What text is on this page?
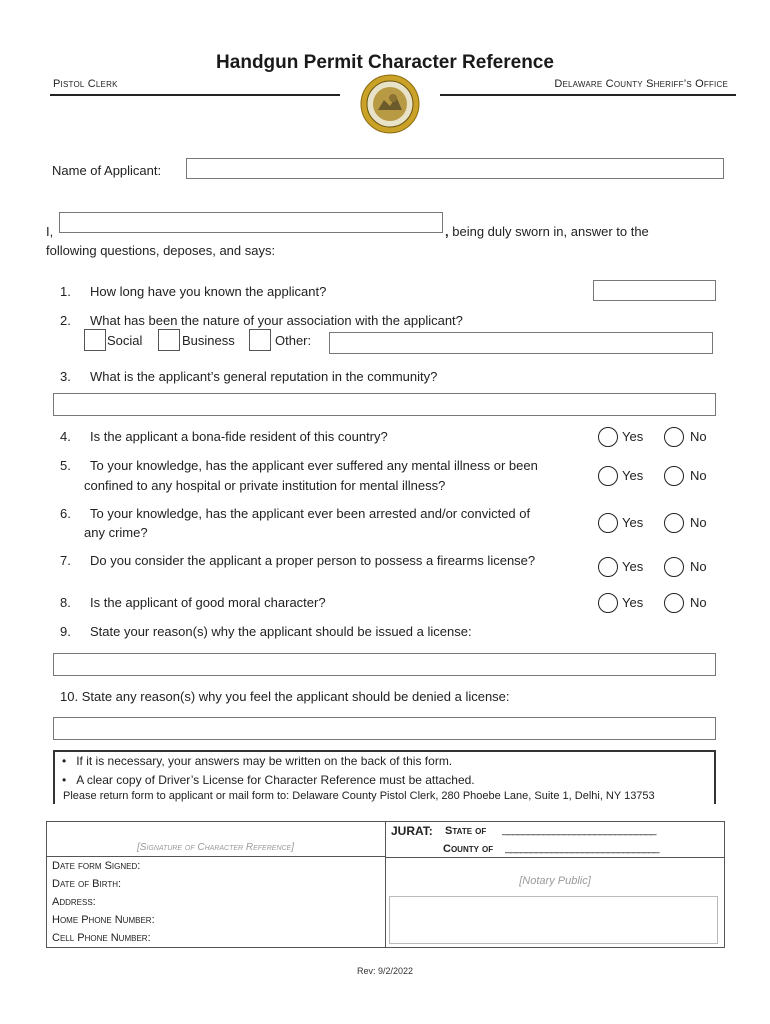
Handgun Permit Character Reference
Pistol Clerk	Delaware County Sheriff’s Office
Name of Applicant:
I,	, being duly sworn in, answer to the
following questions, deposes, and says:
1. How long have you known the applicant?
2. What has been the nature of your association with the applicant?
Social	Business	Other:
3. What is the applicant’s general reputation in the community?
4. Is the applicant a bona-fide resident of this country?	Yes	No
5. To your knowledge, has the applicant ever suffered any mental illness or been
confined to any hospital or private institution for mental illness?
Yes	No
6. To your knowledge, has the applicant ever been arrested and/or convicted of
any crime?
Yes	No
7. Do you consider the applicant a proper person to possess a firearms license?	Yes	No
8. Is the applicant of good moral character?	Yes	No
9. State your reason(s) why the applicant should be issued a license:
10. State any reason(s) why you feel the applicant should be denied a license:
• If it is necessary, your answers may be written on the back of this form.
• A clear copy of Driver’s License for Character Reference must be attached.
Please return form to applicant or mail form to: Delaware County Pistol Clerk, 280 Phoebe Lane, Suite 1, Delhi, NY 13753
[Signature of Character Reference]
Date form Signed:
Date of Birth:
Address:
Home Phone Number:
Cell Phone Number:
JURAT: State of ______________________________
County of ______________________________
[Notary Public]
Rev: 9/2/2022
